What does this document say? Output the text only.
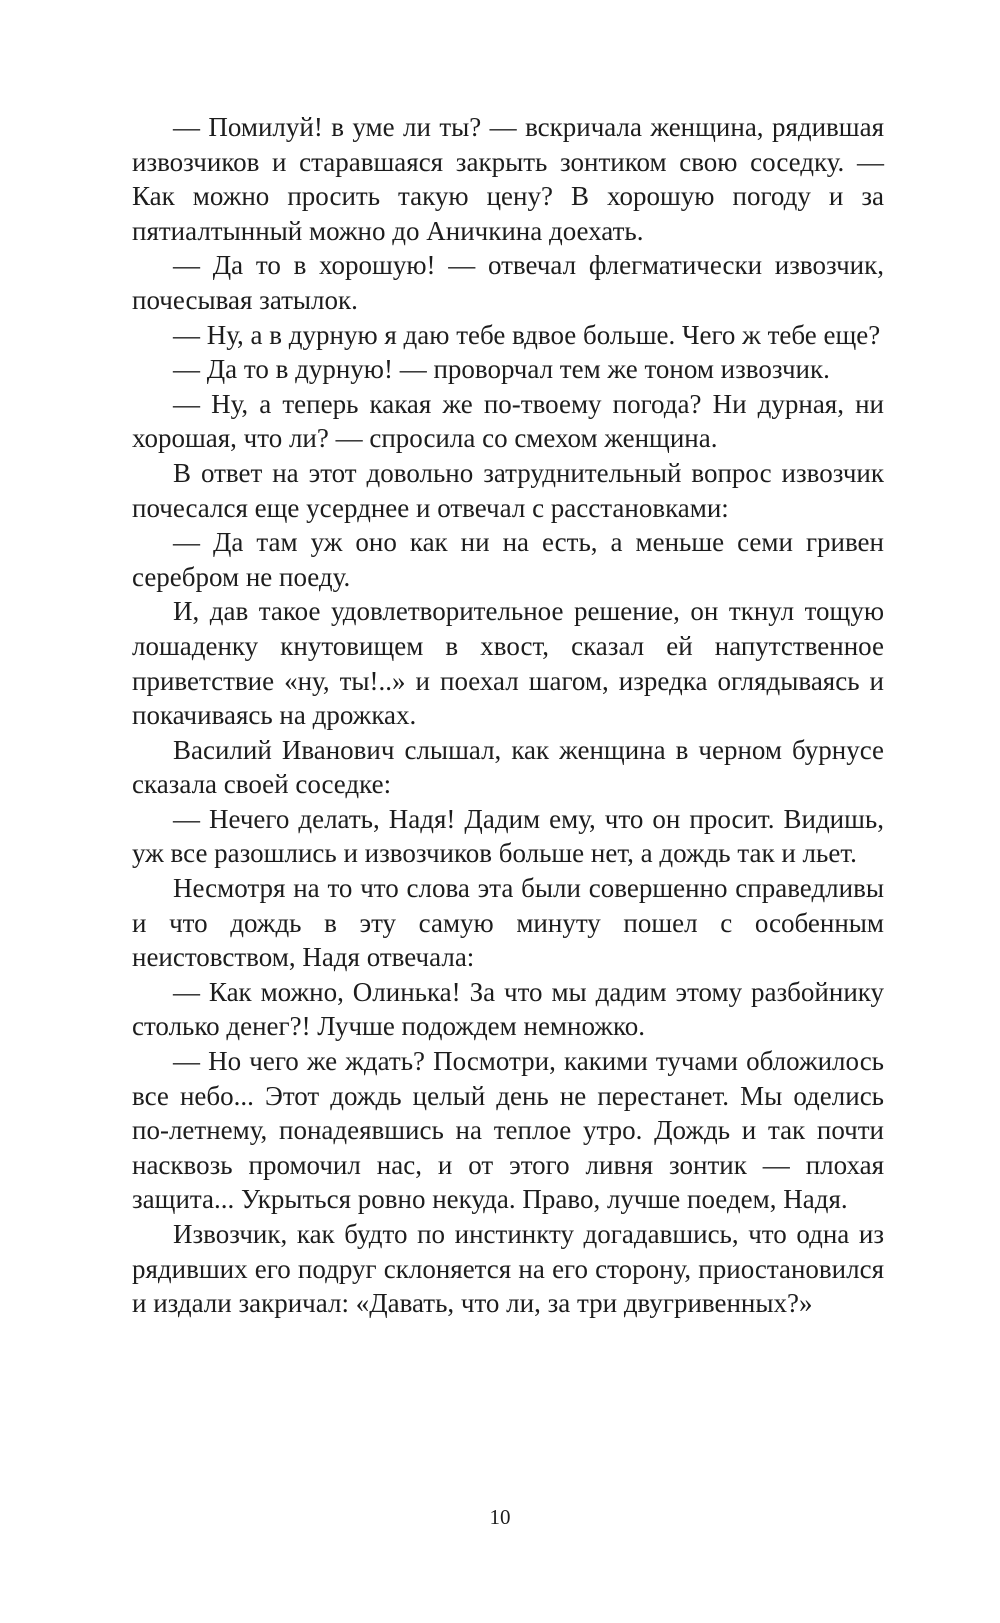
— Помилуй! в уме ли ты? — вскричала женщина, рядившая извозчиков и старавшаяся закрыть зонтиком свою соседку. — Как можно просить такую цену? В хорошую погоду и за пятиалтынный можно до Аничкина доехать.

— Да то в хорошую! — отвечал флегматически извозчик, почесывая затылок.

— Ну, а в дурную я даю тебе вдвое больше. Чего ж тебе еще?

— Да то в дурную! — проворчал тем же тоном извозчик.

— Ну, а теперь какая же по-твоему погода? Ни дурная, ни хорошая, что ли? — спросила со смехом женщина.

В ответ на этот довольно затруднительный вопрос извозчик почесался еще усерднее и отвечал с расстановками:

— Да там уж оно как ни на есть, а меньше семи гривен серебром не поеду.

И, дав такое удовлетворительное решение, он ткнул тощую лошаденку кнутовищем в хвост, сказал ей напутственное приветствие «ну, ты!..» и поехал шагом, изредка оглядываясь и покачиваясь на дрожках.

Василий Иванович слышал, как женщина в черном бурнусе сказала своей соседке:

— Нечего делать, Надя! Дадим ему, что он просит. Видишь, уж все разошлись и извозчиков больше нет, а дождь так и льет.

Несмотря на то что слова эта были совершенно справедливы и что дождь в эту самую минуту пошел с особенным неистовством, Надя отвечала:

— Как можно, Олинька! За что мы дадим этому разбойнику столько денег?! Лучше подождем немножко.

— Но чего же ждать? Посмотри, какими тучами обложилось все небо... Этот дождь целый день не перестанет. Мы оделись по-летнему, понадеявшись на теплое утро. Дождь и так почти насквозь промочил нас, и от этого ливня зонтик — плохая защита... Укрыться ровно некуда. Право, лучше поедем, Надя.

Извозчик, как будто по инстинкту догадавшись, что одна из рядивших его подруг склоняется на его сторону, приостановился и издали закричал: «Давать, что ли, за три двугривенных?»

10
